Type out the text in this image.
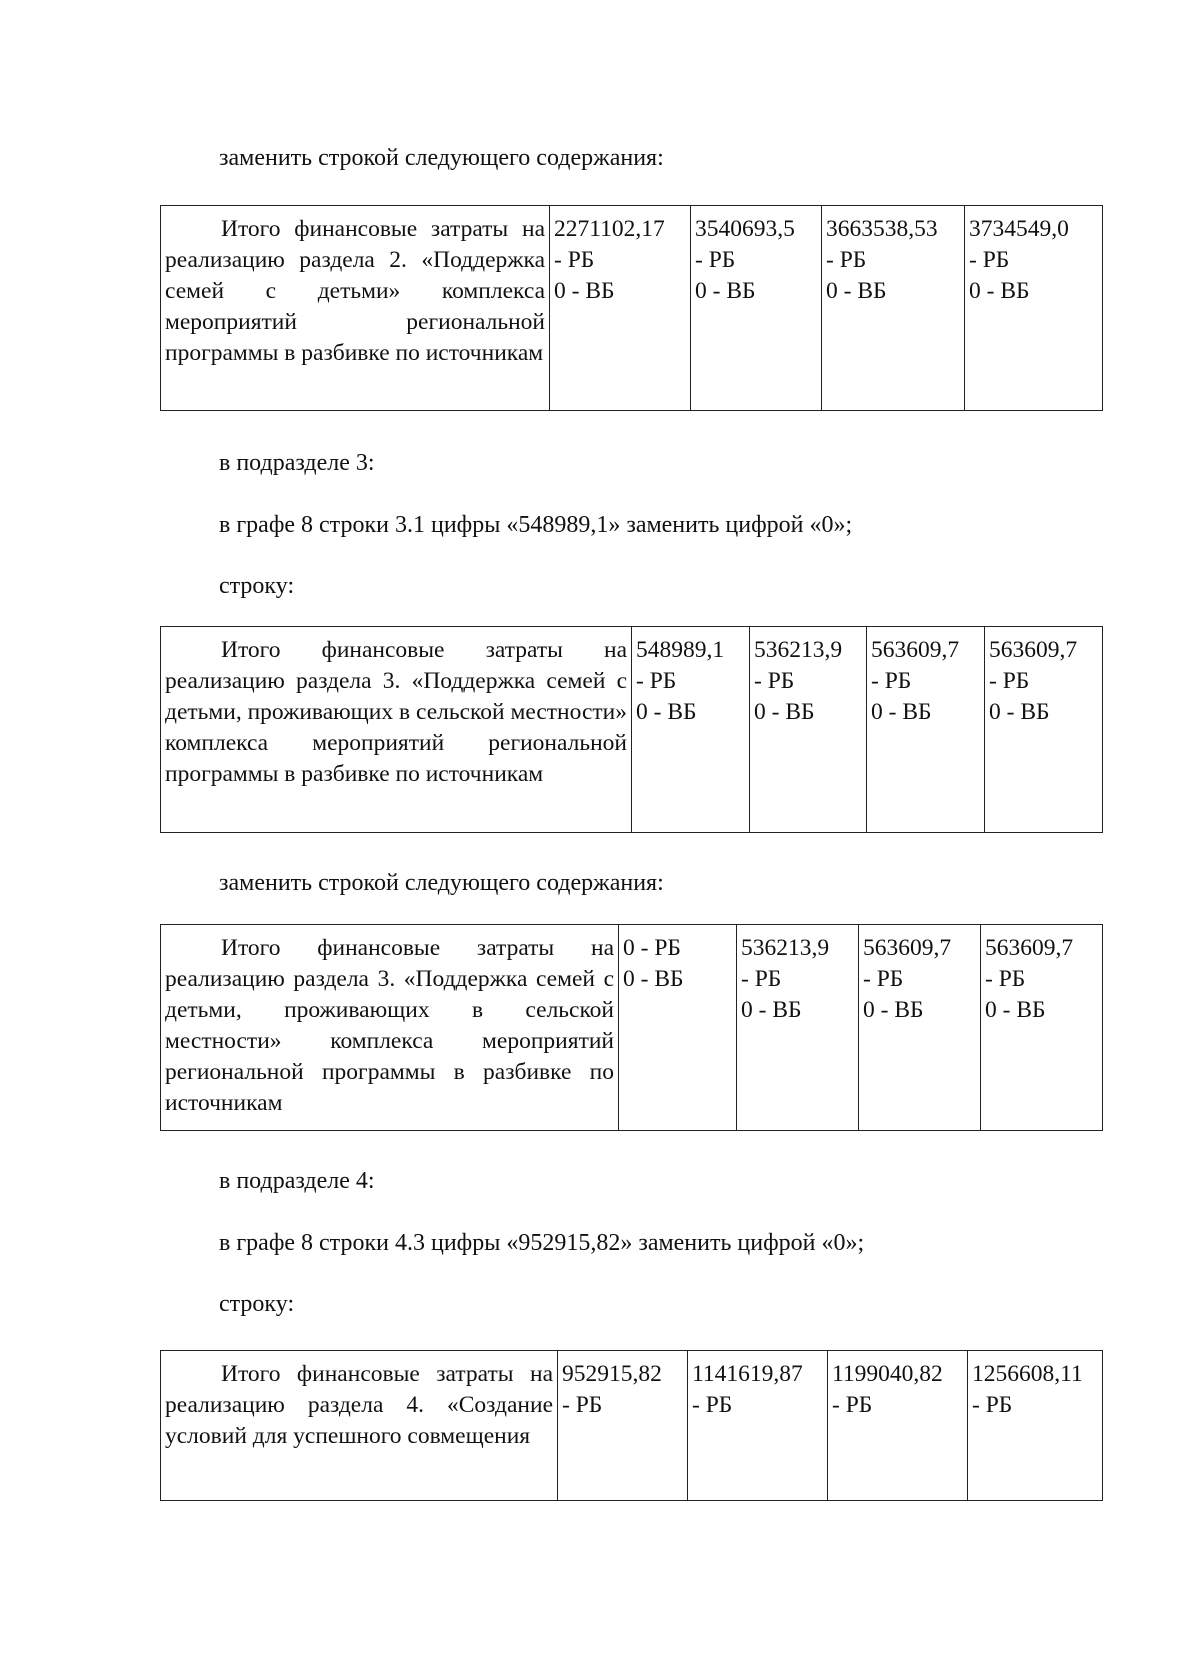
заменить строкой следующего содержания:
Итого финансовые затраты на реализацию раздела 2. «Поддержка семей с детьми» комплекса мероприятий региональной программы в разбивке по источникам	
2271102,17
- РБ
0 - ВБ

3540693,5
- РБ
0 - ВБ

3663538,53
- РБ
0 - ВБ

3734549,0
- РБ
0 - ВБ
в подразделе 3:
в графе 8 строки 3.1 цифры «548989,1» заменить цифрой «0»;
строку:
Итого финансовые затраты на реализацию раздела 3. «Поддержка семей с детьми, проживающих в сельской местности» комплекса мероприятий региональной программы в разбивке по источникам	
548989,1
- РБ
0 - ВБ

536213,9
- РБ
0 - ВБ

563609,7
- РБ
0 - ВБ

563609,7
- РБ
0 - ВБ
заменить строкой следующего содержания:
Итого финансовые затраты на реализацию раздела 3. «Поддержка семей с детьми, проживающих в сельской местности» комплекса мероприятий региональной программы в разбивке по источникам	
0 - РБ
0 - ВБ

536213,9
- РБ
0 - ВБ

563609,7
- РБ
0 - ВБ

563609,7
- РБ
0 - ВБ
в подразделе 4:
в графе 8 строки 4.3 цифры «952915,82» заменить цифрой «0»;
строку:
Итого финансовые затраты на реализацию раздела 4. «Создание условий для успешного совмещения	
952915,82
- РБ

1141619,87
- РБ

1199040,82
- РБ

1256608,11
- РБ
